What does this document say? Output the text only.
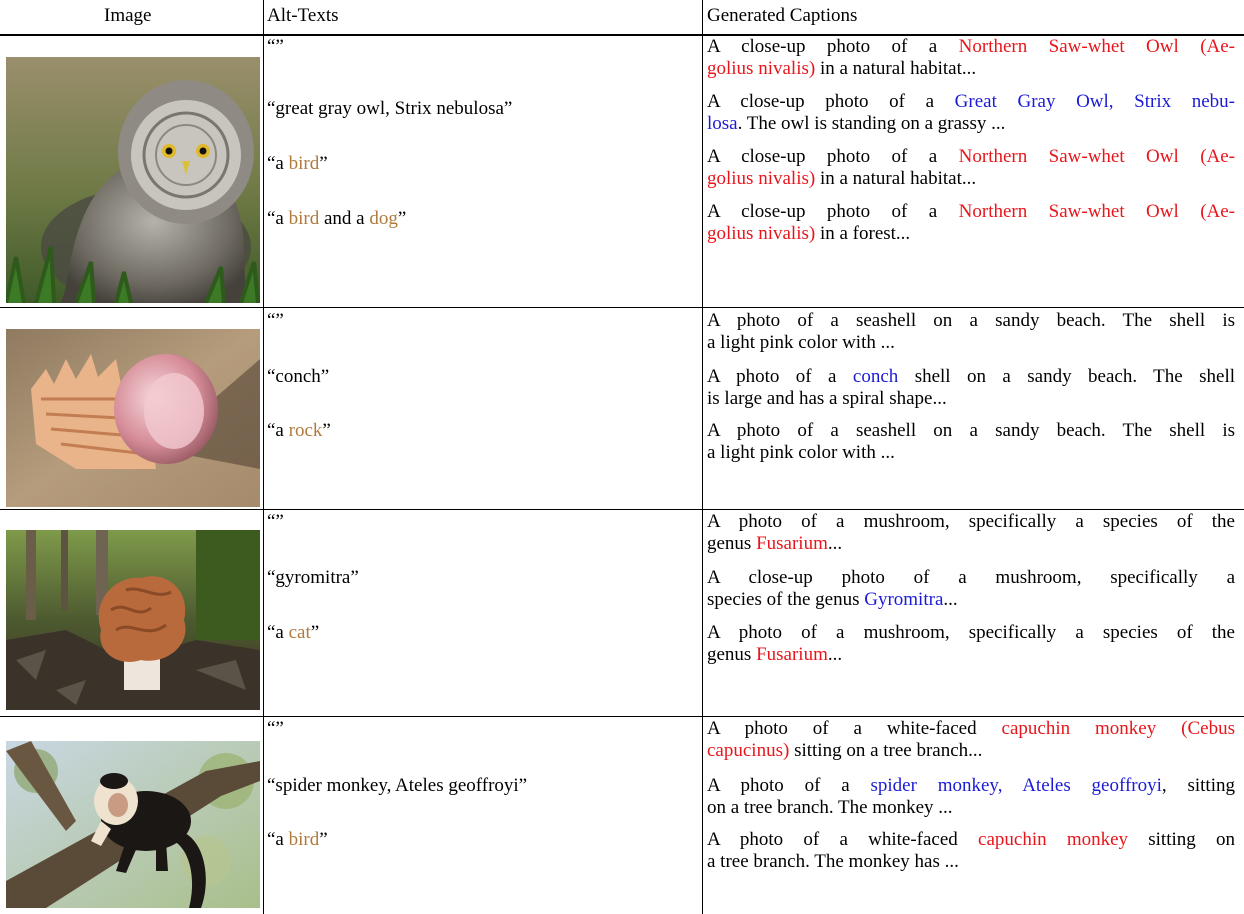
Image	Alt-Texts	Generated Captions
“”
“great gray owl, Strix nebulosa”
“a bird”
“a bird and a dog”
A close-up photo of a Northern Saw-whet Owl (Ae-
golius nivalis) in a natural habitat...
A close-up photo of a Great Gray Owl, Strix nebu-
losa. The owl is standing on a grassy ...
A close-up photo of a Northern Saw-whet Owl (Ae-
golius nivalis) in a natural habitat...
A close-up photo of a Northern Saw-whet Owl (Ae-
golius nivalis) in a forest...
“”
“conch”
“a rock”
A photo of a seashell on a sandy beach. The shell is
a light pink color with ...
A photo of a conch shell on a sandy beach. The shell
is large and has a spiral shape...
A photo of a seashell on a sandy beach. The shell is
a light pink color with ...
“”
“gyromitra”
“a cat”
A photo of a mushroom, specifically a species of the
genus Fusarium...
A close-up photo of a mushroom, specifically a
species of the genus Gyromitra...
A photo of a mushroom, specifically a species of the
genus Fusarium...
“”
“spider monkey, Ateles geoffroyi”
“a bird”
A photo of a white-faced capuchin monkey (Cebus
capucinus) sitting on a tree branch...
A photo of a spider monkey, Ateles geoffroyi, sitting
on a tree branch. The monkey ...
A photo of a white-faced capuchin monkey sitting on
a tree branch. The monkey has ...
